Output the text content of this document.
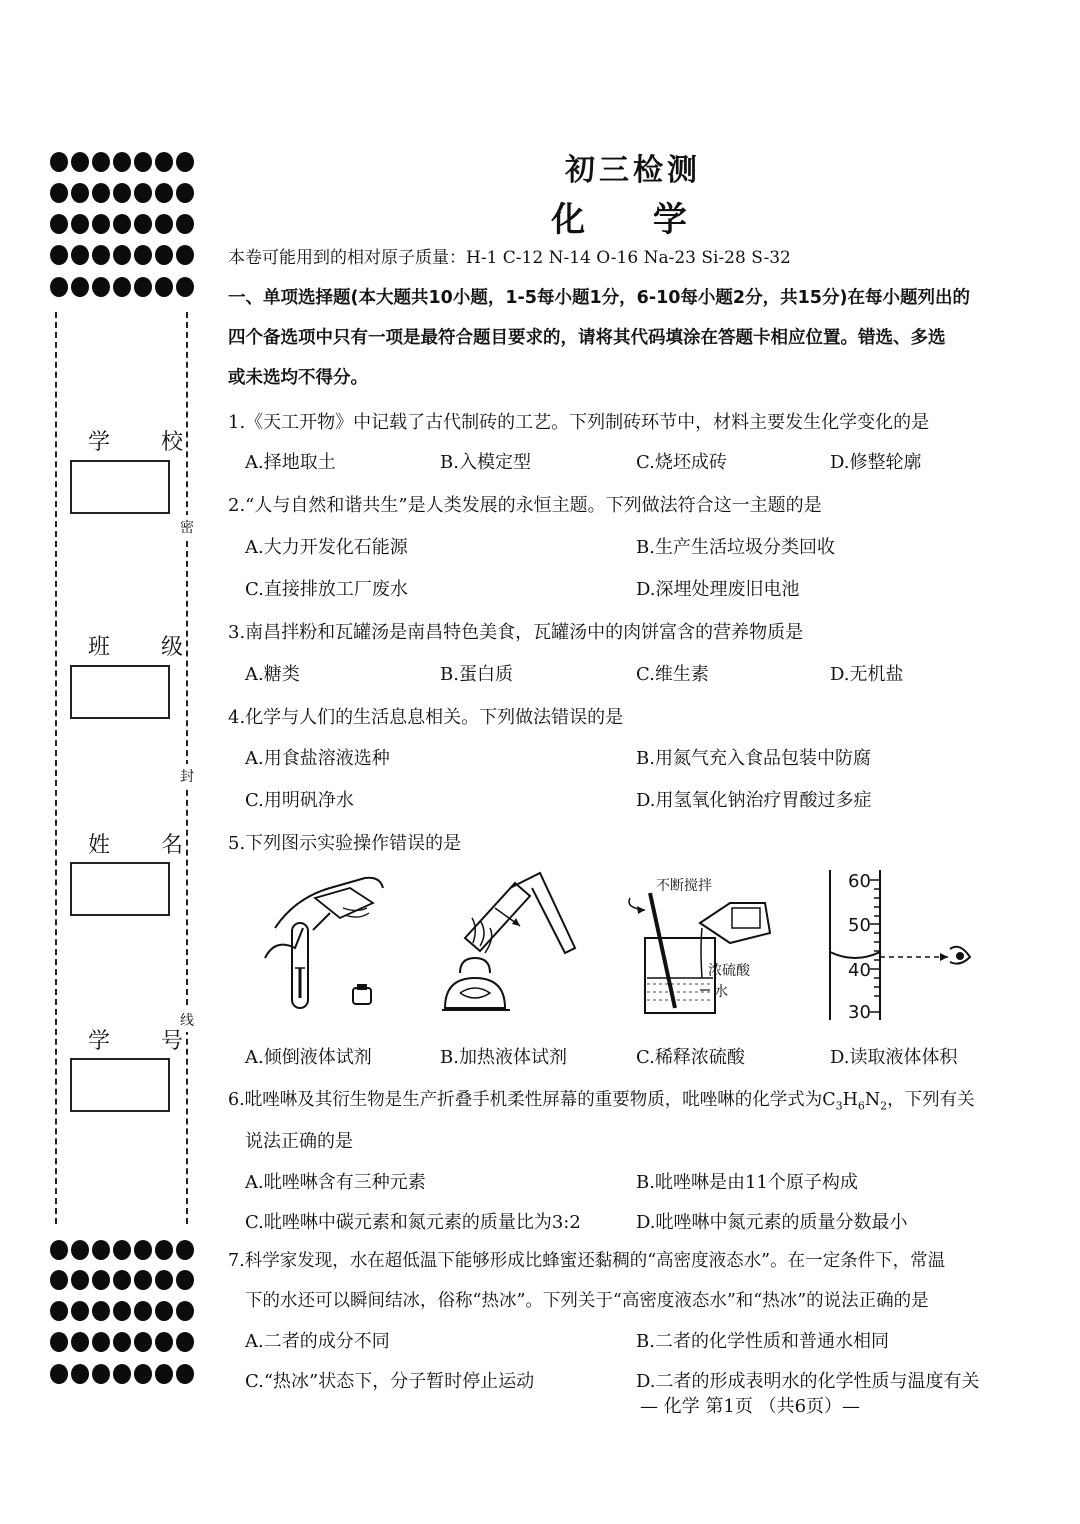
密
封
线
学 校
班 级
姓 名
学 号
初三检测
化 学
本卷可能用到的相对原子质量：H-1 C-12 N-14 O-16 Na-23 Si-28 S-32
一、单项选择题(本大题共10小题，1-5每小题1分，6-10每小题2分，共15分)在每小题列出的
四个备选项中只有一项是最符合题目要求的，请将其代码填涂在答题卡相应位置。错选、多选
或未选均不得分。
1.《天工开物》中记载了古代制砖的工艺。下列制砖环节中，材料主要发生化学变化的是
A.择地取土	B.入模定型	C.烧坯成砖	D.修整轮廓
2.“人与自然和谐共生”是人类发展的永恒主题。下列做法符合这一主题的是
A.大力开发化石能源	B.生产生活垃圾分类回收
C.直接排放工厂废水	D.深埋处理废旧电池
3.南昌拌粉和瓦罐汤是南昌特色美食，瓦罐汤中的肉饼富含的营养物质是
A.糖类	B.蛋白质	C.维生素	D.无机盐
4.化学与人们的生活息息相关。下列做法错误的是
A.用食盐溶液选种	B.用氮气充入食品包装中防腐
C.用明矾净水	D.用氢氧化钠治疗胃酸过多症
5.下列图示实验操作错误的是
不断搅拌
浓硫酸
水
60
50
40
30
A.倾倒液体试剂	B.加热液体试剂	C.稀释浓硫酸	D.读取液体体积
6.吡唑啉及其衍生物是生产折叠手机柔性屏幕的重要物质，吡唑啉的化学式为$C_3H_6N_2$，下列有关
说法正确的是
A.吡唑啉含有三种元素	B.吡唑啉是由11个原子构成
C.吡唑啉中碳元素和氮元素的质量比为3:2	D.吡唑啉中氮元素的质量分数最小
7.科学家发现，水在超低温下能够形成比蜂蜜还黏稠的“高密度液态水”。在一定条件下，常温
下的水还可以瞬间结冰，俗称“热冰”。下列关于“高密度液态水”和“热冰”的说法正确的是
A.二者的成分不同	B.二者的化学性质和普通水相同
C.“热冰”状态下，分子暂时停止运动	D.二者的形成表明水的化学性质与温度有关
— 化学 第1页 （共6页）—
